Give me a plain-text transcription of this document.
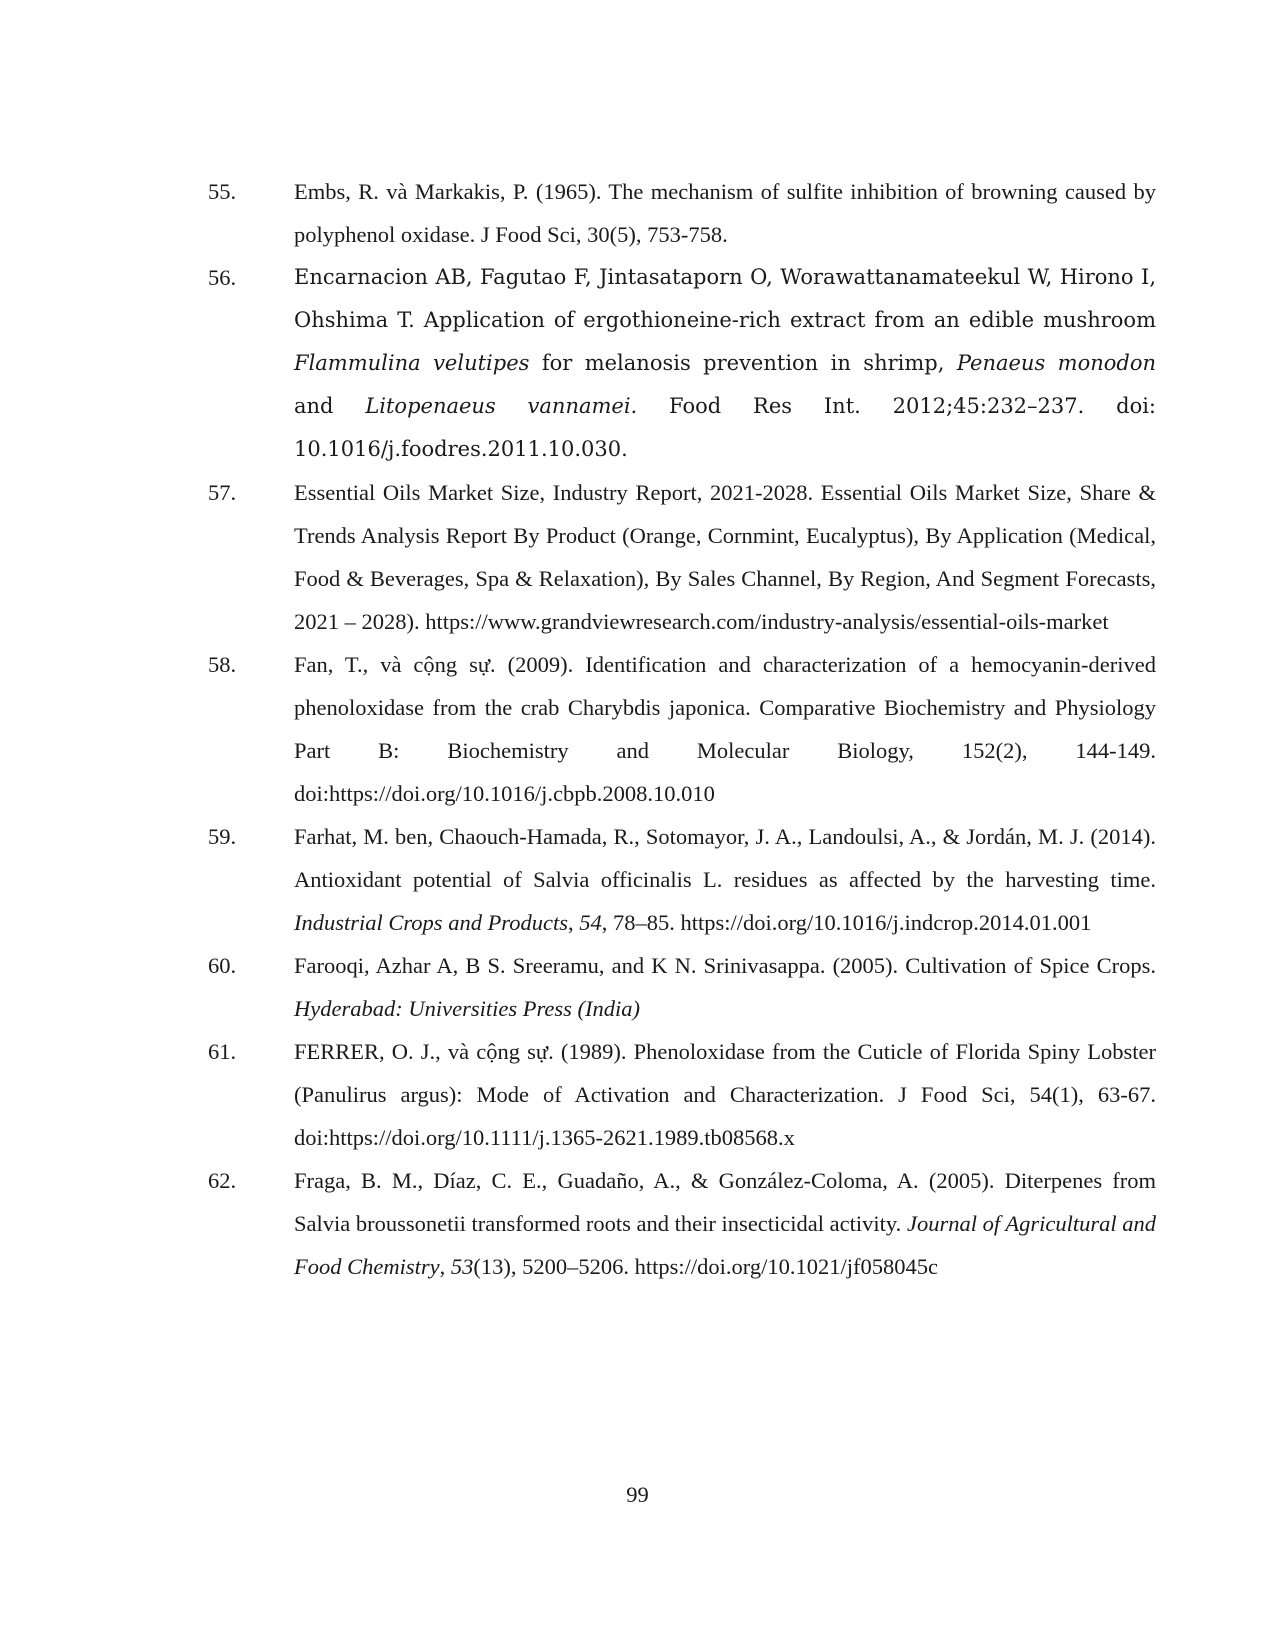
55.	Embs, R. và Markakis, P. (1965). The mechanism of sulfite inhibition of browning caused by polyphenol oxidase. J Food Sci, 30(5), 753-758.
56.	Encarnacion AB, Fagutao F, Jintasataporn O, Worawattanamateekul W, Hirono I, Ohshima T. Application of ergothioneine-rich extract from an edible mushroom Flammulina velutipes for melanosis prevention in shrimp, Penaeus monodon and Litopenaeus vannamei. Food Res Int. 2012;45:232–237. doi: 10.1016/j.foodres.2011.10.030.
57.	Essential Oils Market Size, Industry Report, 2021-2028. Essential Oils Market Size, Share & Trends Analysis Report By Product (Orange, Cornmint, Eucalyptus), By Application (Medical, Food & Beverages, Spa & Relaxation), By Sales Channel, By Region, And Segment Forecasts, 2021 – 2028). https://www.grandviewresearch.com/industry-analysis/essential-oils-market
58.	Fan, T., và cộng sự. (2009). Identification and characterization of a hemocyanin-derived phenoloxidase from the crab Charybdis japonica. Comparative Biochemistry and Physiology Part B: Biochemistry and Molecular Biology, 152(2), 144-149. doi:https://doi.org/10.1016/j.cbpb.2008.10.010
59.	Farhat, M. ben, Chaouch-Hamada, R., Sotomayor, J. A., Landoulsi, A., & Jordán, M. J. (2014). Antioxidant potential of Salvia officinalis L. residues as affected by the harvesting time. Industrial Crops and Products, 54, 78–85. https://doi.org/10.1016/j.indcrop.2014.01.001
60.	Farooqi, Azhar A, B S. Sreeramu, and K N. Srinivasappa. (2005). Cultivation of Spice Crops. Hyderabad: Universities Press (India)
61.	FERRER, O. J., và cộng sự. (1989). Phenoloxidase from the Cuticle of Florida Spiny Lobster (Panulirus argus): Mode of Activation and Characterization. J Food Sci, 54(1), 63-67. doi:https://doi.org/10.1111/j.1365-2621.1989.tb08568.x
62.	Fraga, B. M., Díaz, C. E., Guadaño, A., & González-Coloma, A. (2005). Diterpenes from Salvia broussonetii transformed roots and their insecticidal activity. Journal of Agricultural and Food Chemistry, 53(13), 5200–5206. https://doi.org/10.1021/jf058045c
99
